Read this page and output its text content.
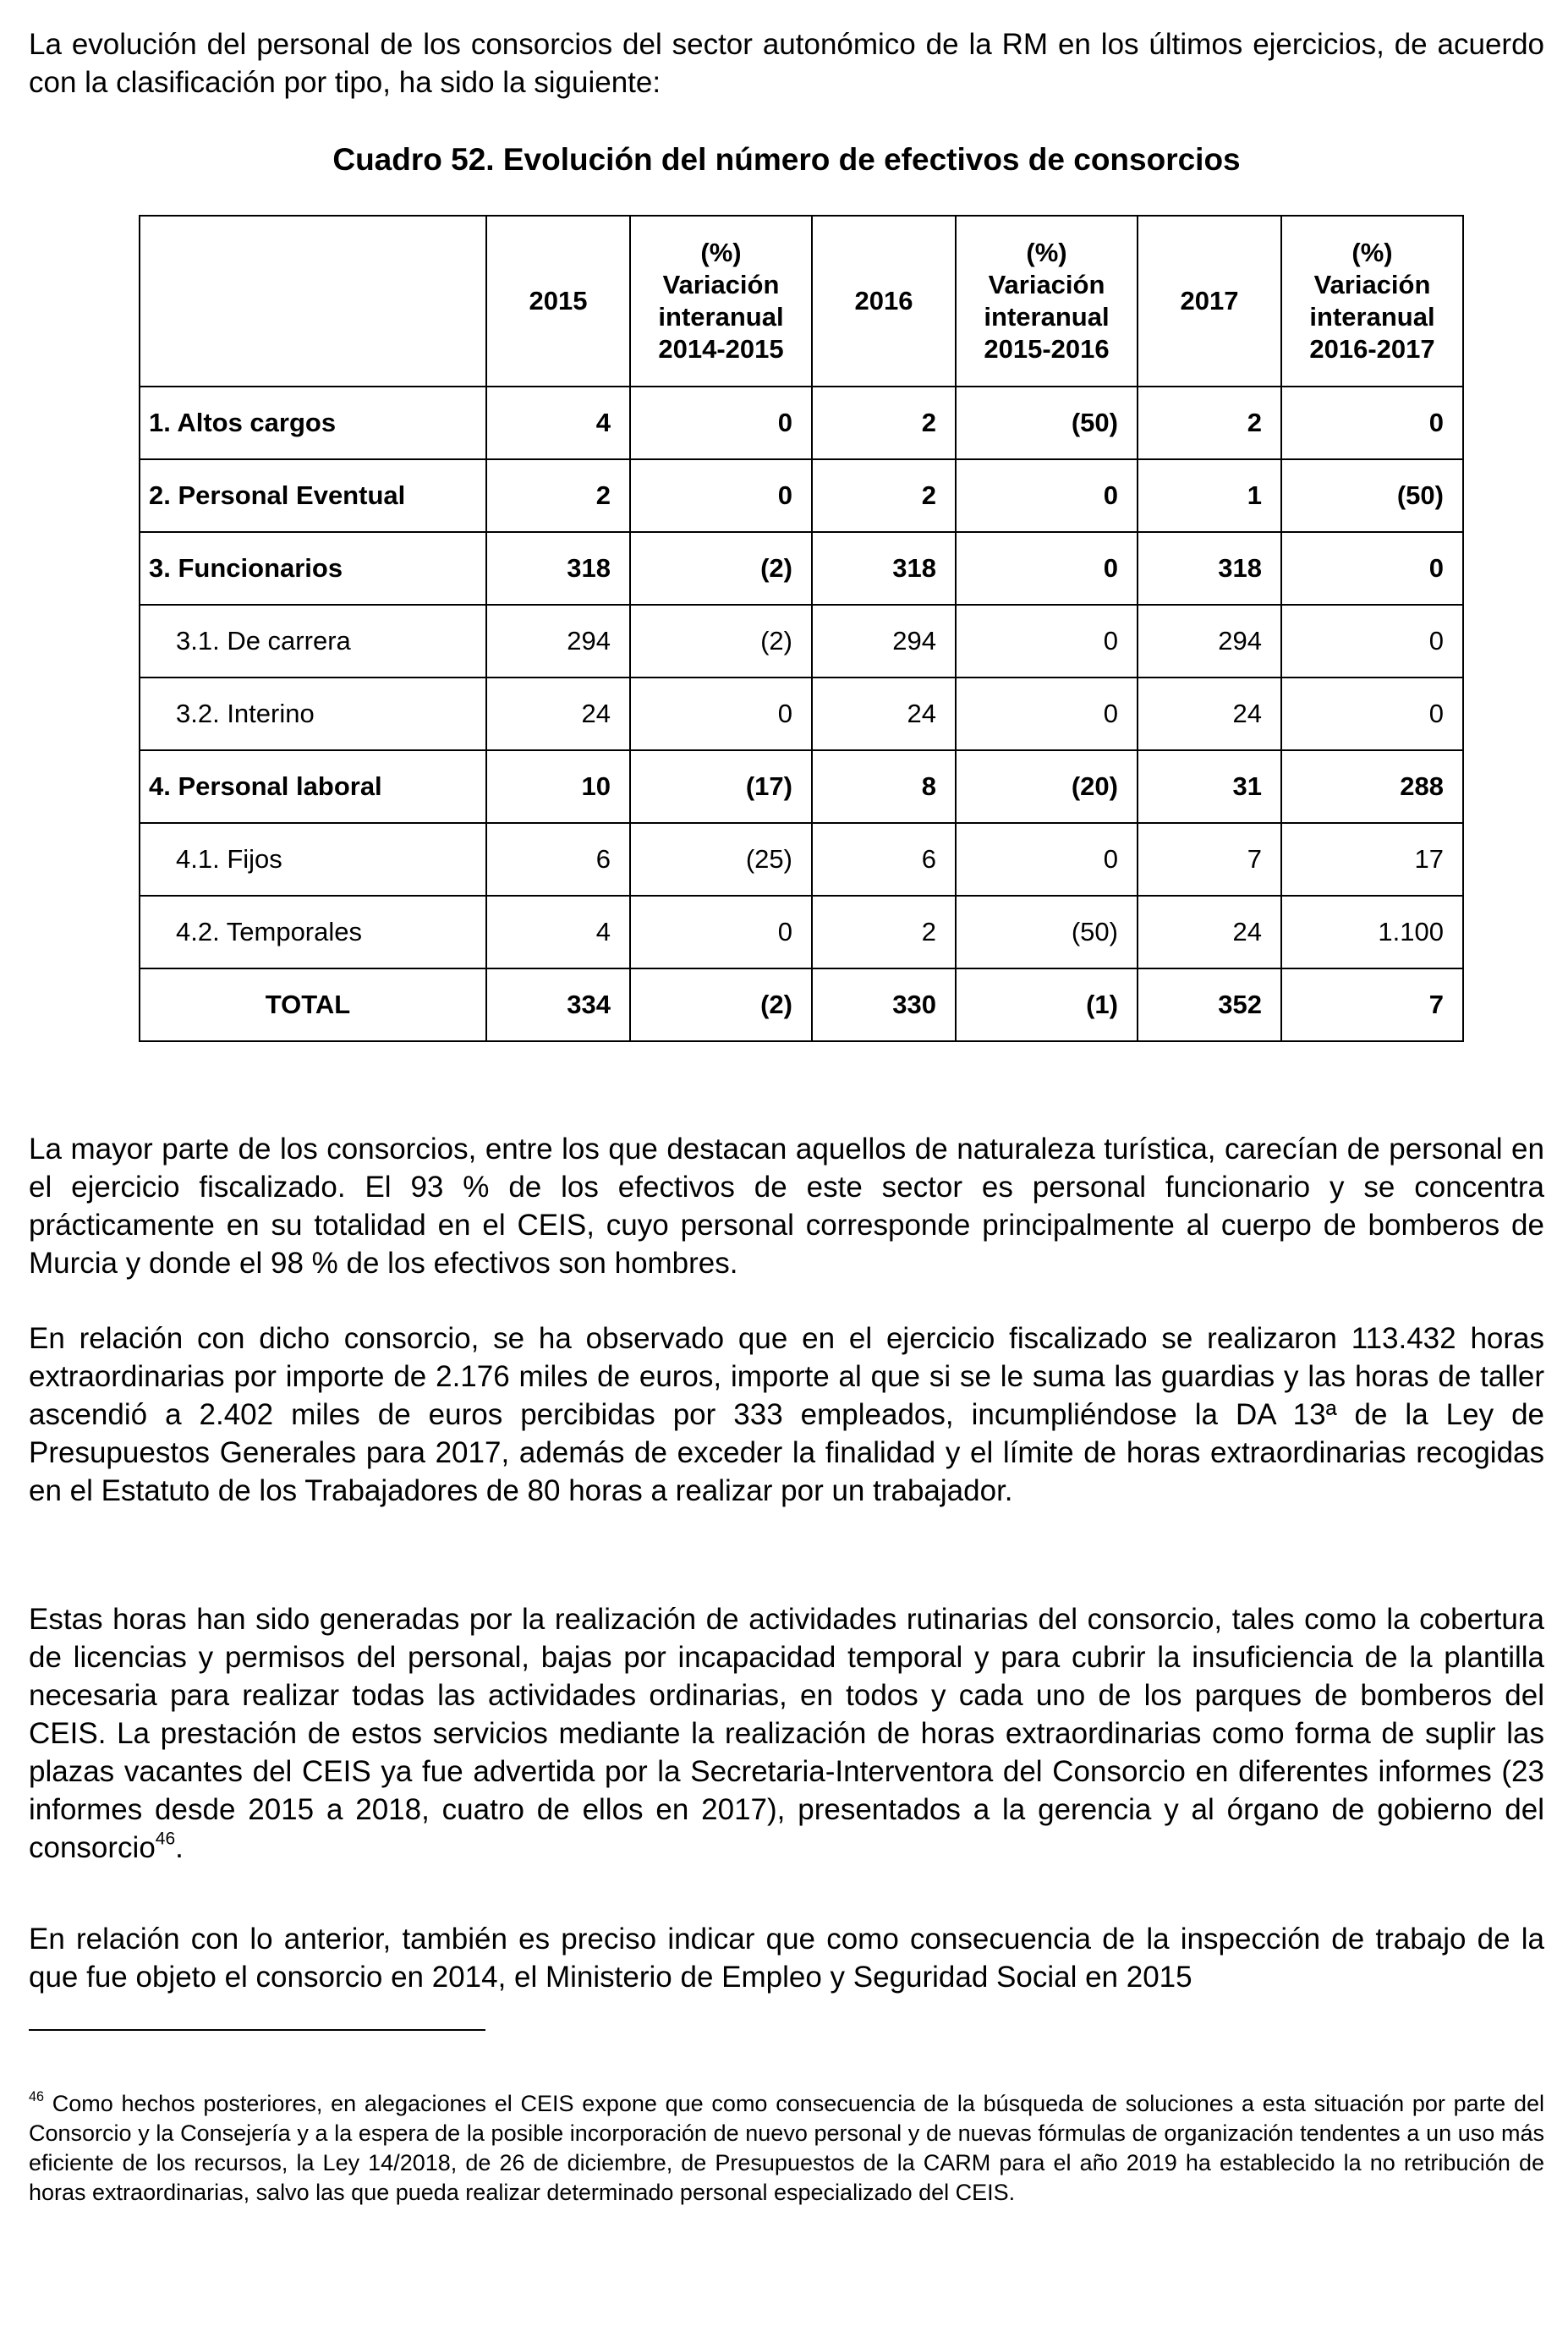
La evolución del personal de los consorcios del sector autonómico de la RM en los últimos ejercicios, de acuerdo con la clasificación por tipo, ha sido la siguiente:

Cuadro 52. Evolución del número de efectivos de consorcios
	2015	(%)
Variación
interanual
2014-2015	2016	(%)
Variación
interanual
2015-2016	2017	(%)
Variación
interanual
2016-2017
1. Altos cargos	4	0	2	(50)	2	0
2. Personal Eventual	2	0	2	0	1	(50)
3. Funcionarios	318	(2)	318	0	318	0
3.1. De carrera	294	(2)	294	0	294	0
3.2. Interino	24	0	24	0	24	0
4. Personal laboral	10	(17)	8	(20)	31	288
4.1. Fijos	6	(25)	6	0	7	17
4.2. Temporales	4	0	2	(50)	24	1.100
TOTAL	334	(2)	330	(1)	352	7

La mayor parte de los consorcios, entre los que destacan aquellos de naturaleza turística, carecían de personal en el ejercicio fiscalizado. El 93 % de los efectivos de este sector es personal funcionario y se concentra prácticamente en su totalidad en el CEIS, cuyo personal corresponde principalmente al cuerpo de bomberos de Murcia y donde el 98 % de los efectivos son hombres.

En relación con dicho consorcio, se ha observado que en el ejercicio fiscalizado se realizaron 113.432 horas extraordinarias por importe de 2.176 miles de euros, importe al que si se le suma las guardias y las horas de taller ascendió a 2.402 miles de euros percibidas por 333 empleados, incumpliéndose la DA 13ª de la Ley de Presupuestos Generales para 2017, además de exceder la finalidad y el límite de horas extraordinarias recogidas en el Estatuto de los Trabajadores de 80 horas a realizar por un trabajador.

Estas horas han sido generadas por la realización de actividades rutinarias del consorcio, tales como la cobertura de licencias y permisos del personal, bajas por incapacidad temporal y para cubrir la insuficiencia de la plantilla necesaria para realizar todas las actividades ordinarias, en todos y cada uno de los parques de bomberos del CEIS. La prestación de estos servicios mediante la realización de horas extraordinarias como forma de suplir las plazas vacantes del CEIS ya fue advertida por la Secretaria-Interventora del Consorcio en diferentes informes (23 informes desde 2015 a 2018, cuatro de ellos en 2017), presentados a la gerencia y al órgano de gobierno del consorcio$^{46}$.

En relación con lo anterior, también es preciso indicar que como consecuencia de la inspección de trabajo de la que fue objeto el consorcio en 2014, el Ministerio de Empleo y Seguridad Social en 2015

$^{46}$ Como hechos posteriores, en alegaciones el CEIS expone que como consecuencia de la búsqueda de soluciones a esta situación por parte del Consorcio y la Consejería y a la espera de la posible incorporación de nuevo personal y de nuevas fórmulas de organización tendentes a un uso más eficiente de los recursos, la Ley 14/2018, de 26 de diciembre, de Presupuestos de la CARM para el año 2019 ha establecido la no retribución de horas extraordinarias, salvo las que pueda realizar determinado personal especializado del CEIS.
